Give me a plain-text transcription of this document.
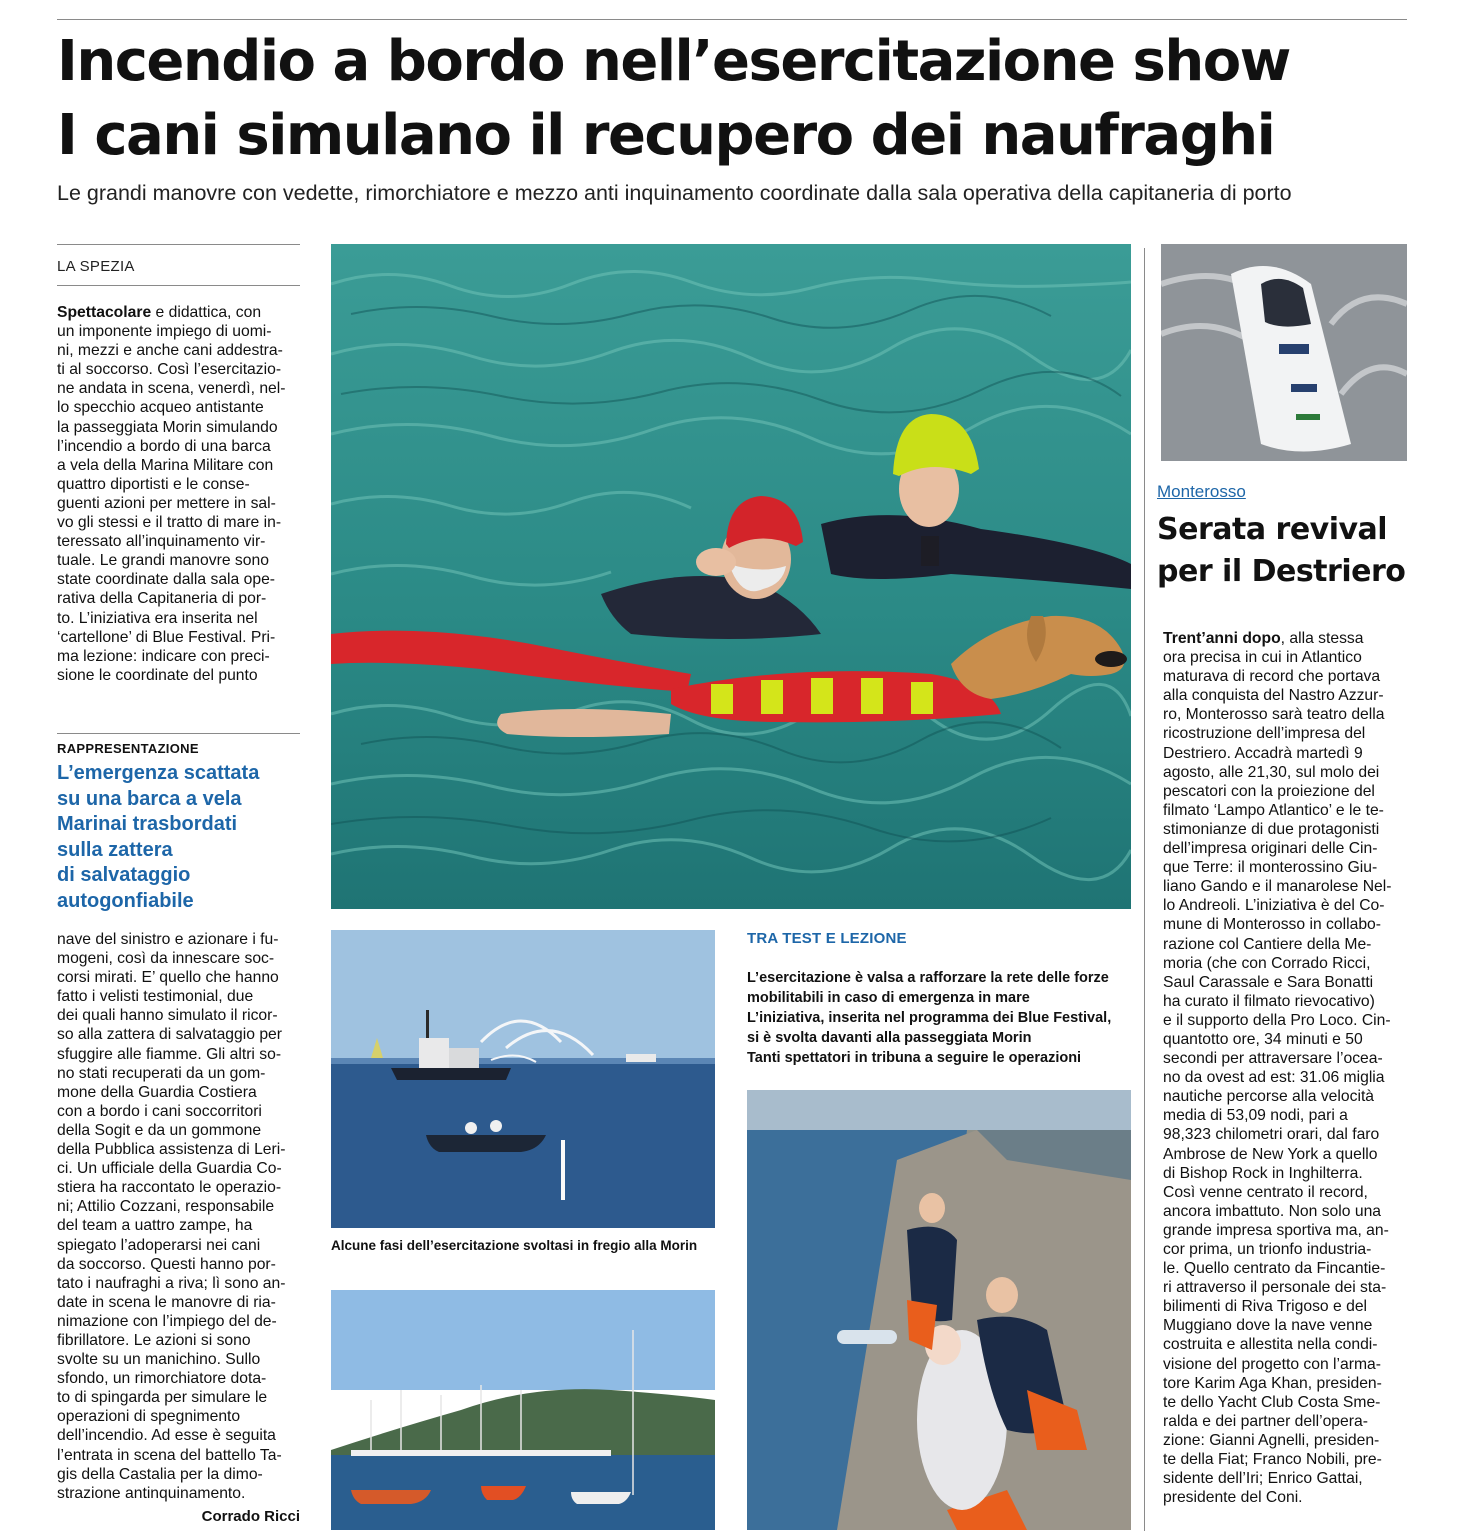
Incendio a bordo nell’esercitazione show
I cani simulano il recupero dei naufraghi

Le grandi manovre con vedette, rimorchiatore e mezzo anti inquinamento coordinate dalla sala operativa della capitaneria di porto

LA SPEZIA

Spettacolare e didattica, con
un imponente impiego di uomi-
ni, mezzi e anche cani addestra-
ti al soccorso. Così l’esercitazio-
ne andata in scena, venerdì, nel-
lo specchio acqueo antistante
la passeggiata Morin simulando
l’incendio a bordo di una barca
a vela della Marina Militare con
quattro diportisti e le conse-
guenti azioni per mettere in sal-
vo gli stessi e il tratto di mare in-
teressato all’inquinamento vir-
tuale. Le grandi manovre sono
state coordinate dalla sala ope-
rativa della Capitaneria di por-
to. L’iniziativa era inserita nel
‘cartellone’ di Blue Festival. Pri-
ma lezione: indicare con preci-
sione le coordinate del punto

RAPPRESENTAZIONE

L’emergenza scattata
su una barca a vela
Marinai trasbordati
sulla zattera
di salvataggio
autogonfiabile

nave del sinistro e azionare i fu-
mogeni, così da innescare soc-
corsi mirati. E’ quello che hanno
fatto i velisti testimonial, due
dei quali hanno simulato il ricor-
so alla zattera di salvataggio per
sfuggire alle fiamme. Gli altri so-
no stati recuperati da un gom-
mone della Guardia Costiera
con a bordo i cani soccorritori
della Sogit e da un gommone
della Pubblica assistenza di Leri-
ci. Un ufficiale della Guardia Co-
stiera ha raccontato le operazio-
ni; Attilio Cozzani, responsabile
del team a uattro zampe, ha
spiegato l’adoperarsi nei cani
da soccorso. Questi hanno por-
tato i naufraghi a riva; lì sono an-
date in scena le manovre di ria-
nimazione con l’impiego del de-
fibrillatore. Le azioni si sono
svolte su un manichino. Sullo
sfondo, un rimorchiatore dota-
to di spingarda per simulare le
operazioni di spegnimento
dell’incendio. Ad esse è seguita
l’entrata in scena del battello Ta-
gis della Castalia per la dimo-
strazione antinquinamento.

Corrado Ricci

Alcune fasi dell’esercitazione svoltasi in fregio alla Morin

TRA TEST E LEZIONE

L’esercitazione è valsa a rafforzare la rete delle forze
mobilitabili in caso di emergenza in mare
L’iniziativa, inserita nel programma dei Blue Festival,
si è svolta davanti alla passeggiata Morin
Tanti spettatori in tribuna a seguire le operazioni

Monterosso

Serata revival
per il Destriero

Trent’anni dopo, alla stessa
ora precisa in cui in Atlantico
maturava di record che portava
alla conquista del Nastro Azzur-
ro, Monterosso sarà teatro della
ricostruzione dell’impresa del
Destriero. Accadrà martedì 9
agosto, alle 21,30, sul molo dei
pescatori con la proiezione del
filmato ‘Lampo Atlantico’ e le te-
stimonianze di due protagonisti
dell’impresa originari delle Cin-
que Terre: il monterossino Giu-
liano Gando e il manarolese Nel-
lo Andreoli. L’iniziativa è del Co-
mune di Monterosso in collabo-
razione col Cantiere della Me-
moria (che con Corrado Ricci,
Saul Carassale e Sara Bonatti
ha curato il filmato rievocativo)
e il supporto della Pro Loco. Cin-
quantotto ore, 34 minuti e 50
secondi per attraversare l’ocea-
no da ovest ad est: 31.06 miglia
nautiche percorse alla velocità
media di 53,09 nodi, pari a
98,323 chilometri orari, dal faro
Ambrose de New York a quello
di Bishop Rock in Inghilterra.
Così venne centrato il record,
ancora imbattuto. Non solo una
grande impresa sportiva ma, an-
cor prima, un trionfo industria-
le. Quello centrato da Fincantie-
ri attraverso il personale dei sta-
bilimenti di Riva Trigoso e del
Muggiano dove la nave venne
costruita e allestita nella condi-
visione del progetto con l’arma-
tore Karim Aga Khan, presiden-
te dello Yacht Club Costa Sme-
ralda e dei partner dell’opera-
zione: Gianni Agnelli, presiden-
te della Fiat; Franco Nobili, pre-
sidente dell’Iri; Enrico Gattai,
presidente del Coni.
